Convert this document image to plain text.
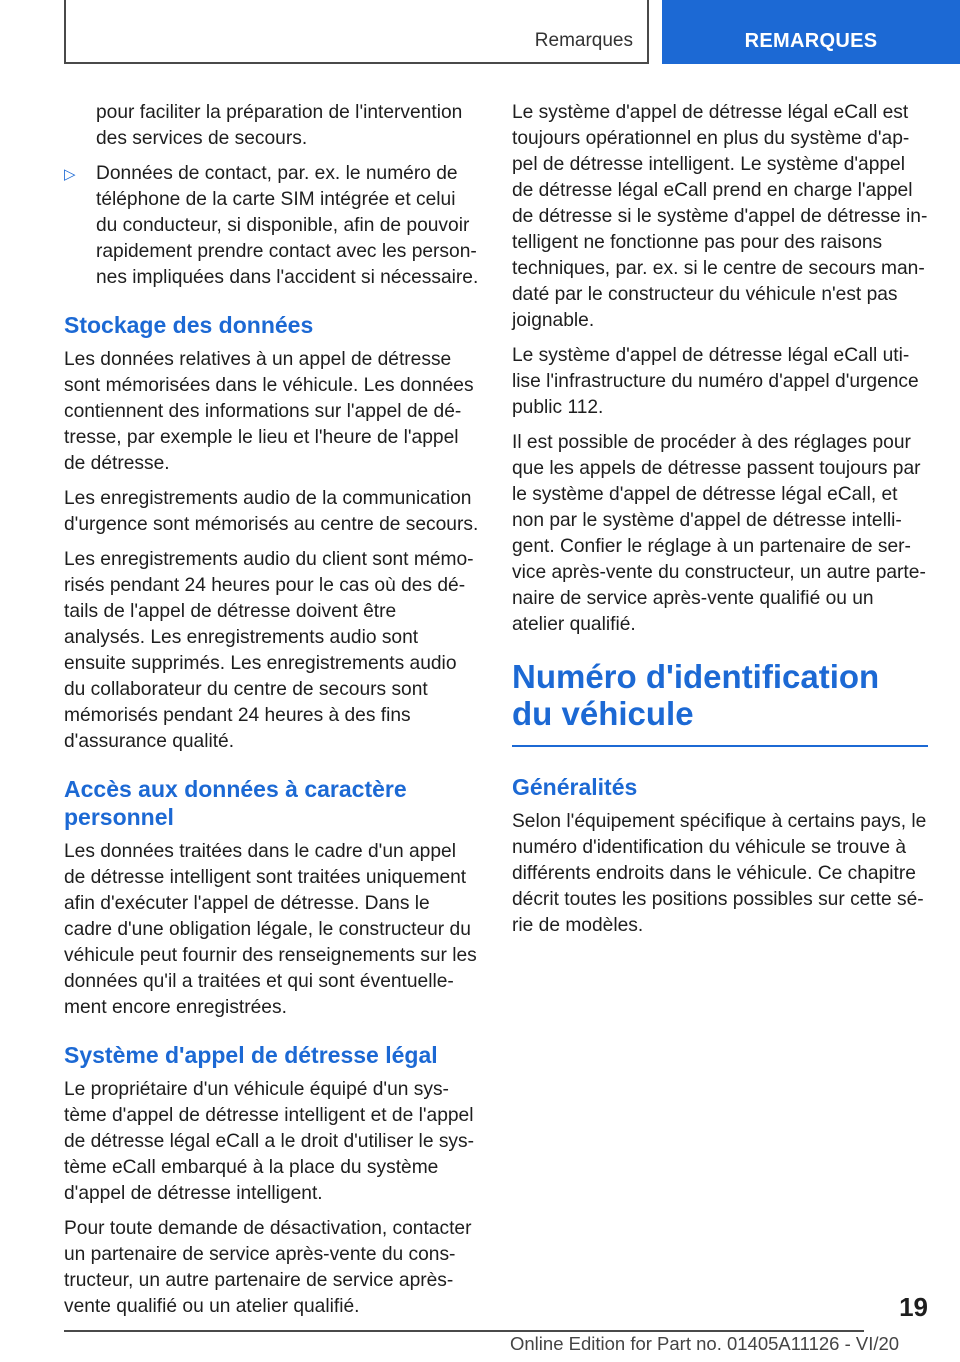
Remarques	REMARQUES

pour faciliter la préparation de l'intervention des services de secours.

▷ Données de contact, par. ex. le numéro de téléphone de la carte SIM intégrée et celui du conducteur, si disponible, afin de pouvoir rapidement prendre contact avec les personnes impliquées dans l'accident si nécessaire.

Stockage des données

Les données relatives à un appel de détresse sont mémorisées dans le véhicule. Les données contiennent des informations sur l'appel de détresse, par exemple le lieu et l'heure de l'appel de détresse.

Les enregistrements audio de la communication d'urgence sont mémorisés au centre de secours.

Les enregistrements audio du client sont mémorisés pendant 24 heures pour le cas où des détails de l'appel de détresse doivent être analysés. Les enregistrements audio sont ensuite supprimés. Les enregistrements audio du collaborateur du centre de secours sont mémorisés pendant 24 heures à des fins d'assurance qualité.

Accès aux données à caractère personnel

Les données traitées dans le cadre d'un appel de détresse intelligent sont traitées uniquement afin d'exécuter l'appel de détresse. Dans le cadre d'une obligation légale, le constructeur du véhicule peut fournir des renseignements sur les données qu'il a traitées et qui sont éventuellement encore enregistrées.

Système d'appel de détresse légal

Le propriétaire d'un véhicule équipé d'un système d'appel de détresse intelligent et de l'appel de détresse légal eCall a le droit d'utiliser le système eCall embarqué à la place du système d'appel de détresse intelligent.

Pour toute demande de désactivation, contacter un partenaire de service après-vente du constructeur, un autre partenaire de service après-vente qualifié ou un atelier qualifié.

Le système d'appel de détresse légal eCall est toujours opérationnel en plus du système d'appel de détresse intelligent. Le système d'appel de détresse légal eCall prend en charge l'appel de détresse si le système d'appel de détresse intelligent ne fonctionne pas pour des raisons techniques, par. ex. si le centre de secours mandaté par le constructeur du véhicule n'est pas joignable.

Le système d'appel de détresse légal eCall utilise l'infrastructure du numéro d'appel d'urgence public 112.

Il est possible de procéder à des réglages pour que les appels de détresse passent toujours par le système d'appel de détresse légal eCall, et non par le système d'appel de détresse intelligent. Confier le réglage à un partenaire de service après-vente du constructeur, un autre partenaire de service après-vente qualifié ou un atelier qualifié.

Numéro d'identification du véhicule
Généralités

Selon l'équipement spécifique à certains pays, le numéro d'identification du véhicule se trouve à différents endroits dans le véhicule. Ce chapitre décrit toutes les positions possibles sur cette série de modèles.

19
Online Edition for Part no. 01405A11126 - VI/20
